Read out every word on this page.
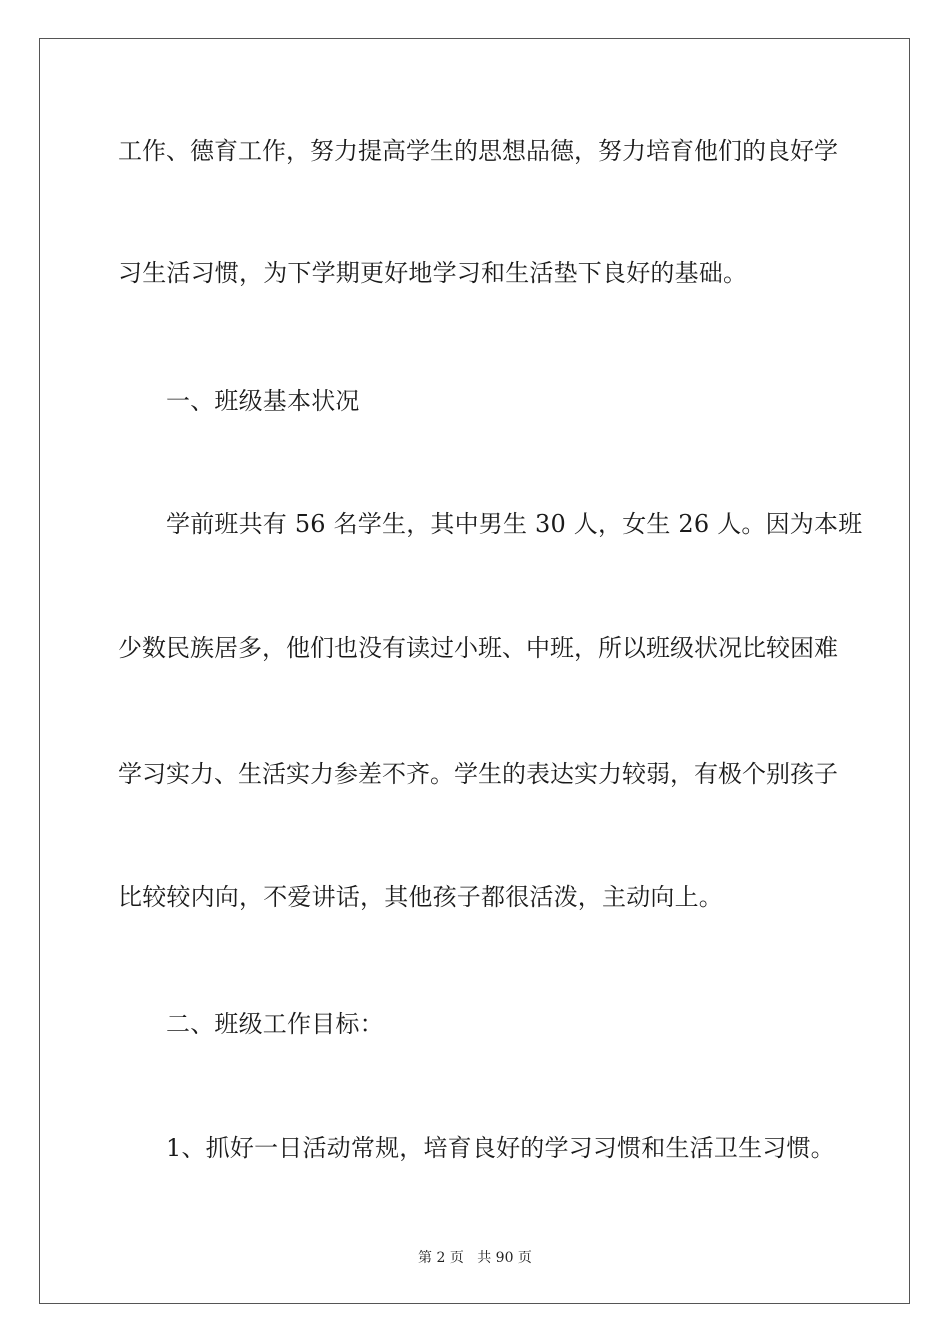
工作、德育工作，努力提高学生的思想品德，努力培育他们的良好学
习生活习惯，为下学期更好地学习和生活垫下良好的基础。
一、班级基本状况
学前班共有 56 名学生，其中男生 30 人，女生 26 人。因为本班
少数民族居多，他们也没有读过小班、中班，所以班级状况比较困难
学习实力、生活实力参差不齐。学生的表达实力较弱，有极个别孩子
比较较内向，不爱讲话，其他孩子都很活泼，主动向上。
二、班级工作目标：
1、抓好一日活动常规，培育良好的学习习惯和生活卫生习惯。
第 2 页 共 90 页
